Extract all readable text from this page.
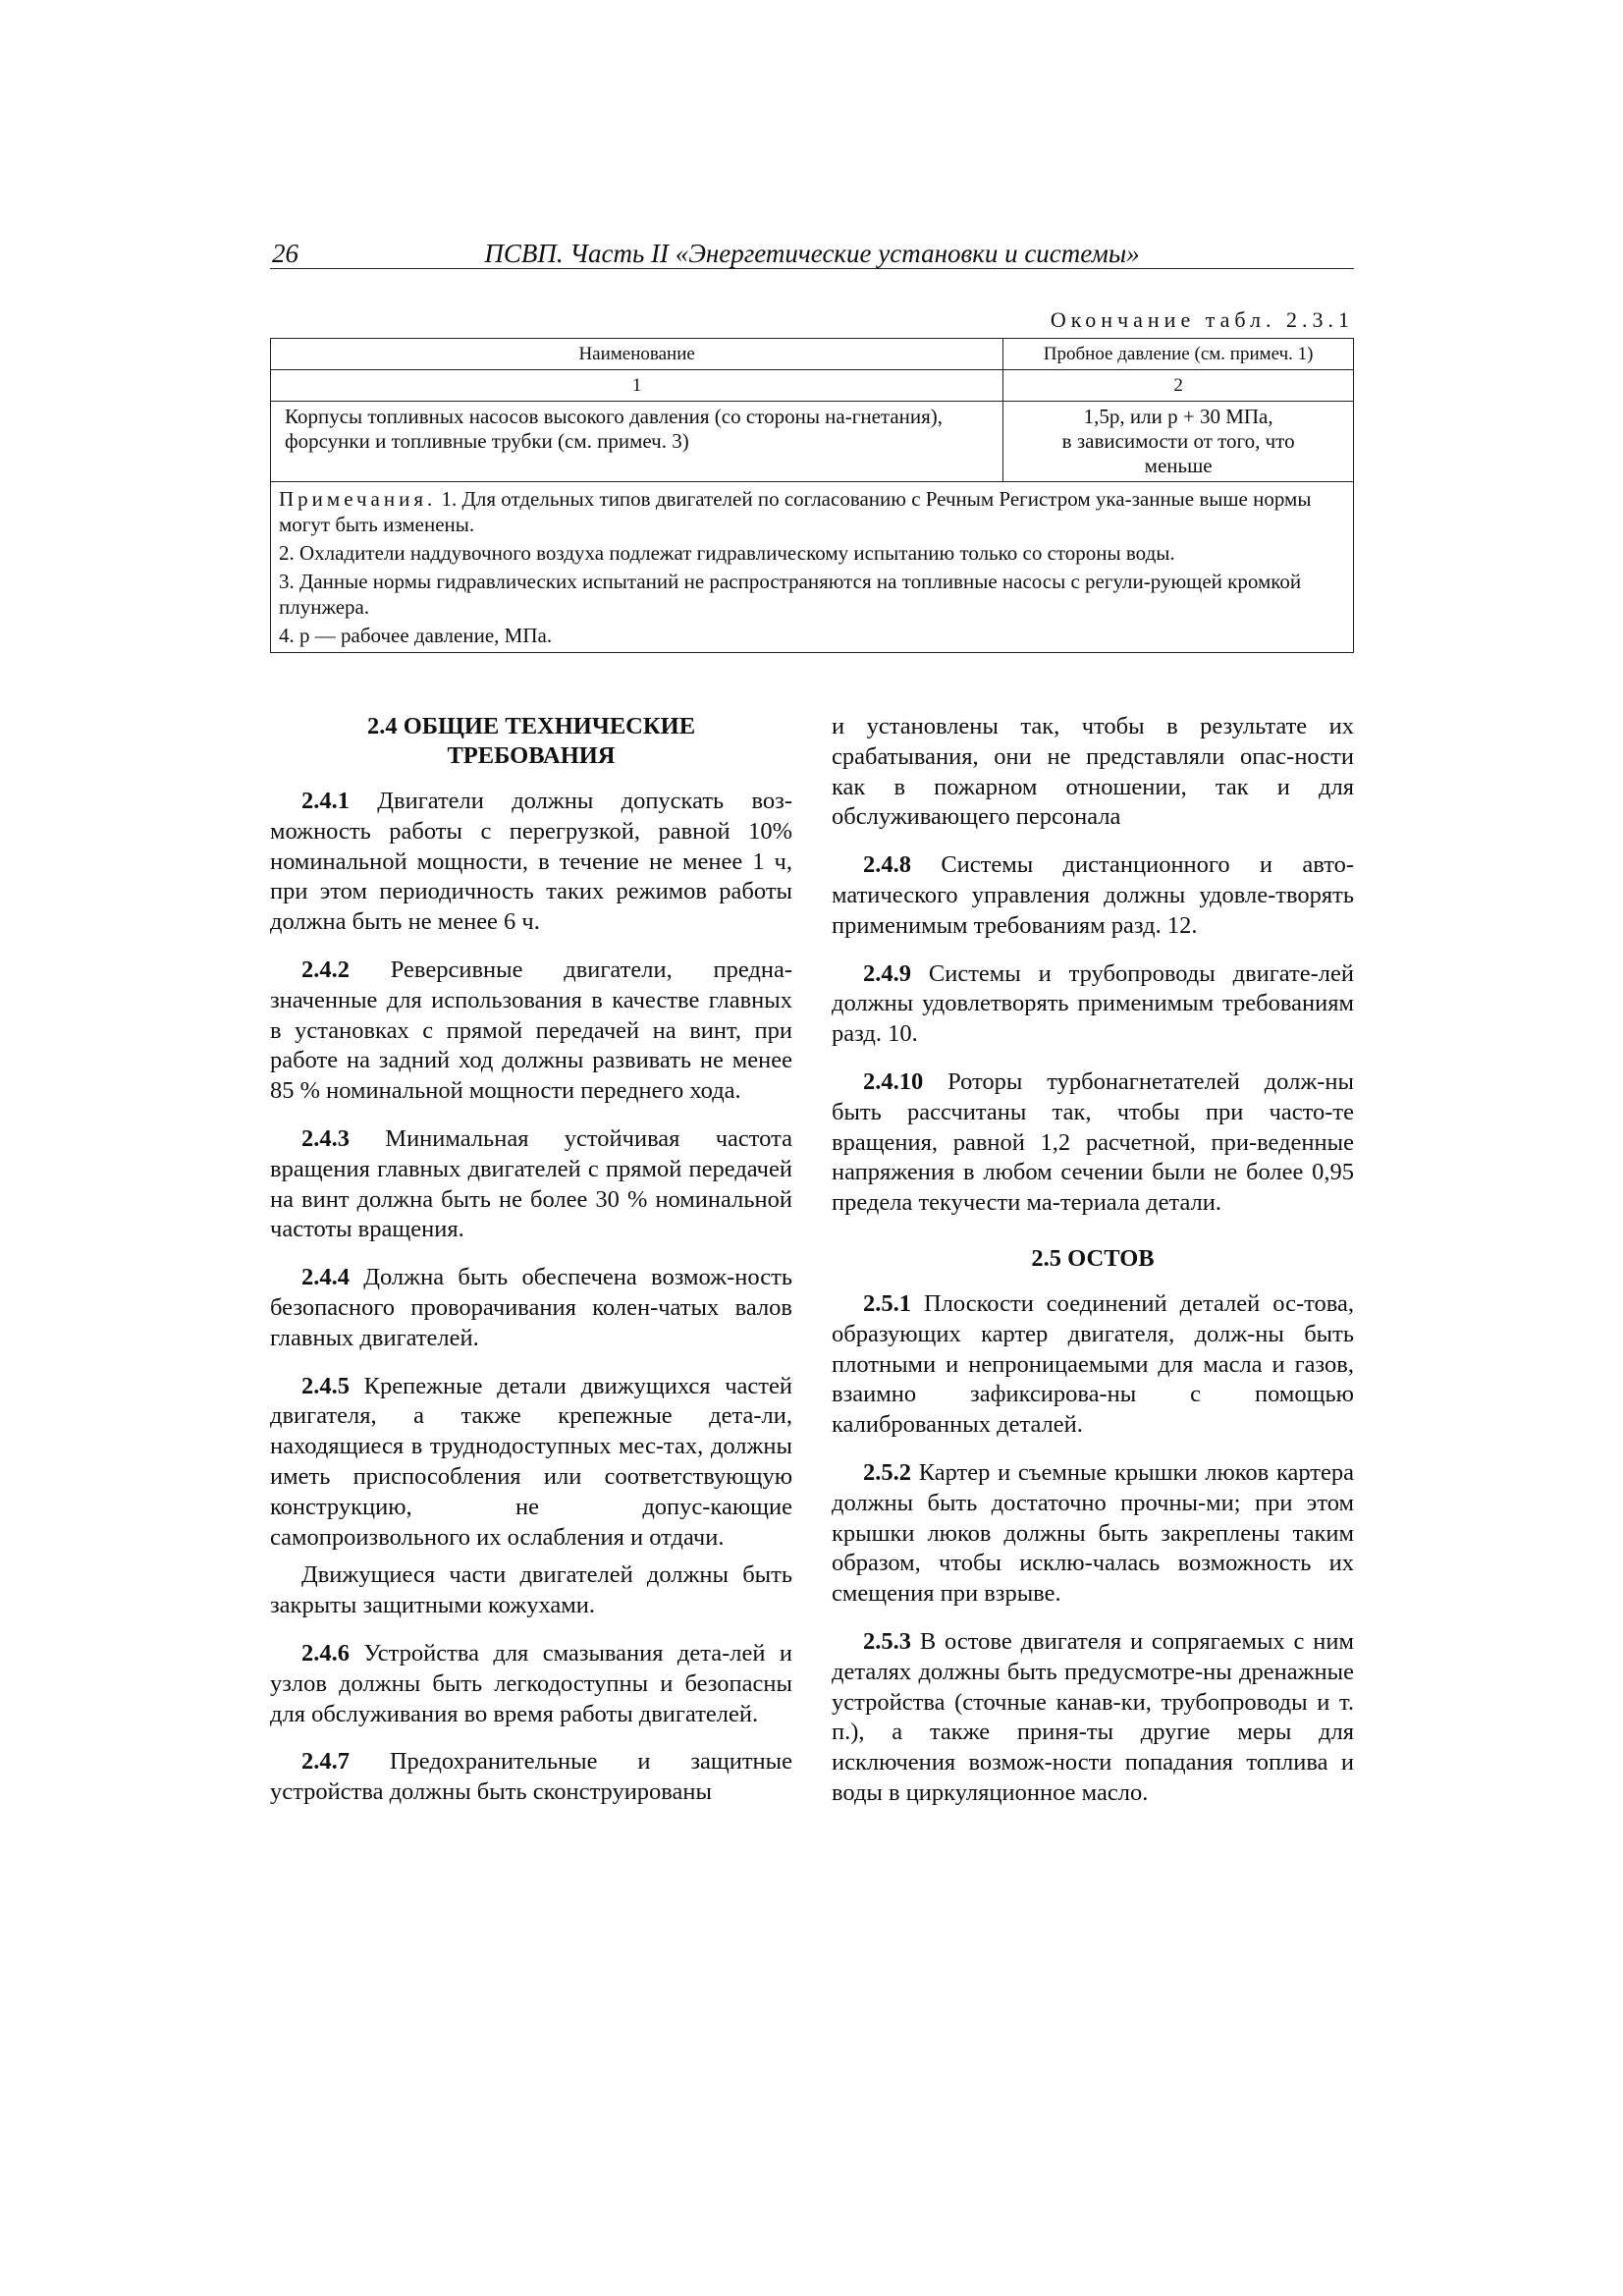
26	ПСВП. Часть II «Энергетические установки и системы»
Окончание табл. 2.3.1
Наименование	Пробное давление (см. примеч. 1)
1	2
Корпусы топливных насосов высокого давления (со стороны на-гнетания), форсунки и топливные трубки (см. примеч. 3)	1,5p, или p + 30 МПа,
в зависимости от того, что
меньше

Примечания. 1. Для отдельных типов двигателей по согласованию с Речным Регистром ука-занные выше нормы могут быть изменены.	
2. Охладители наддувочного воздуха подлежат гидравлическому испытанию только со стороны воды.	
3. Данные нормы гидравлических испытаний не распространяются на топливные насосы с регули-рующей кромкой плунжера.	
4. p — рабочее давление, МПа.	
2.4 ОБЩИЕ ТЕХНИЧЕСКИЕ
ТРЕБОВАНИЯ

2.4.1 Двигатели должны допускать воз-можность работы с перегрузкой, равной 10% номинальной мощности, в течение не менее 1 ч, при этом периодичность таких режимов работы должна быть не менее 6 ч.

2.4.2 Реверсивные двигатели, предна-значенные для использования в качестве главных в установках с прямой передачей на винт, при работе на задний ход должны развивать не менее 85 % номинальной мощности переднего хода.

2.4.3 Минимальная устойчивая частота вращения главных двигателей с прямой передачей на винт должна быть не более 30 % номинальной частоты вращения.

2.4.4 Должна быть обеспечена возмож-ность безопасного проворачивания колен-чатых валов главных двигателей.

2.4.5 Крепежные детали движущихся частей двигателя, а также крепежные дета-ли, находящиеся в труднодоступных мес-тах, должны иметь приспособления или соответствующую конструкцию, не допус-кающие самопроизвольного их ослабления и отдачи.

Движущиеся части двигателей должны быть закрыты защитными кожухами.

2.4.6 Устройства для смазывания дета-лей и узлов должны быть легкодоступны и безопасны для обслуживания во время работы двигателей.

2.4.7 Предохранительные и защитные устройства должны быть сконструированы

и установлены так, чтобы в результате их срабатывания, они не представляли опас-ности как в пожарном отношении, так и для обслуживающего персонала

2.4.8 Системы дистанционного и авто-матического управления должны удовле-творять применимым требованиям разд. 12.

2.4.9 Системы и трубопроводы двигате-лей должны удовлетворять применимым требованиям разд. 10.

2.4.10 Роторы турбонагнетателей долж-ны быть рассчитаны так, чтобы при часто-те вращения, равной 1,2 расчетной, при-веденные напряжения в любом сечении были не более 0,95 предела текучести ма-териала детали.

2.5 ОСТОВ

2.5.1 Плоскости соединений деталей ос-това, образующих картер двигателя, долж-ны быть плотными и непроницаемыми для масла и газов, взаимно зафиксирова-ны с помощью калиброванных деталей.

2.5.2 Картер и съемные крышки люков картера должны быть достаточно прочны-ми; при этом крышки люков должны быть закреплены таким образом, чтобы исклю-чалась возможность их смещения при взрыве.

2.5.3 В остове двигателя и сопрягаемых с ним деталях должны быть предусмотре-ны дренажные устройства (сточные канав-ки, трубопроводы и т. п.), а также приня-ты другие меры для исключения возмож-ности попадания топлива и воды в циркуляционное масло.
